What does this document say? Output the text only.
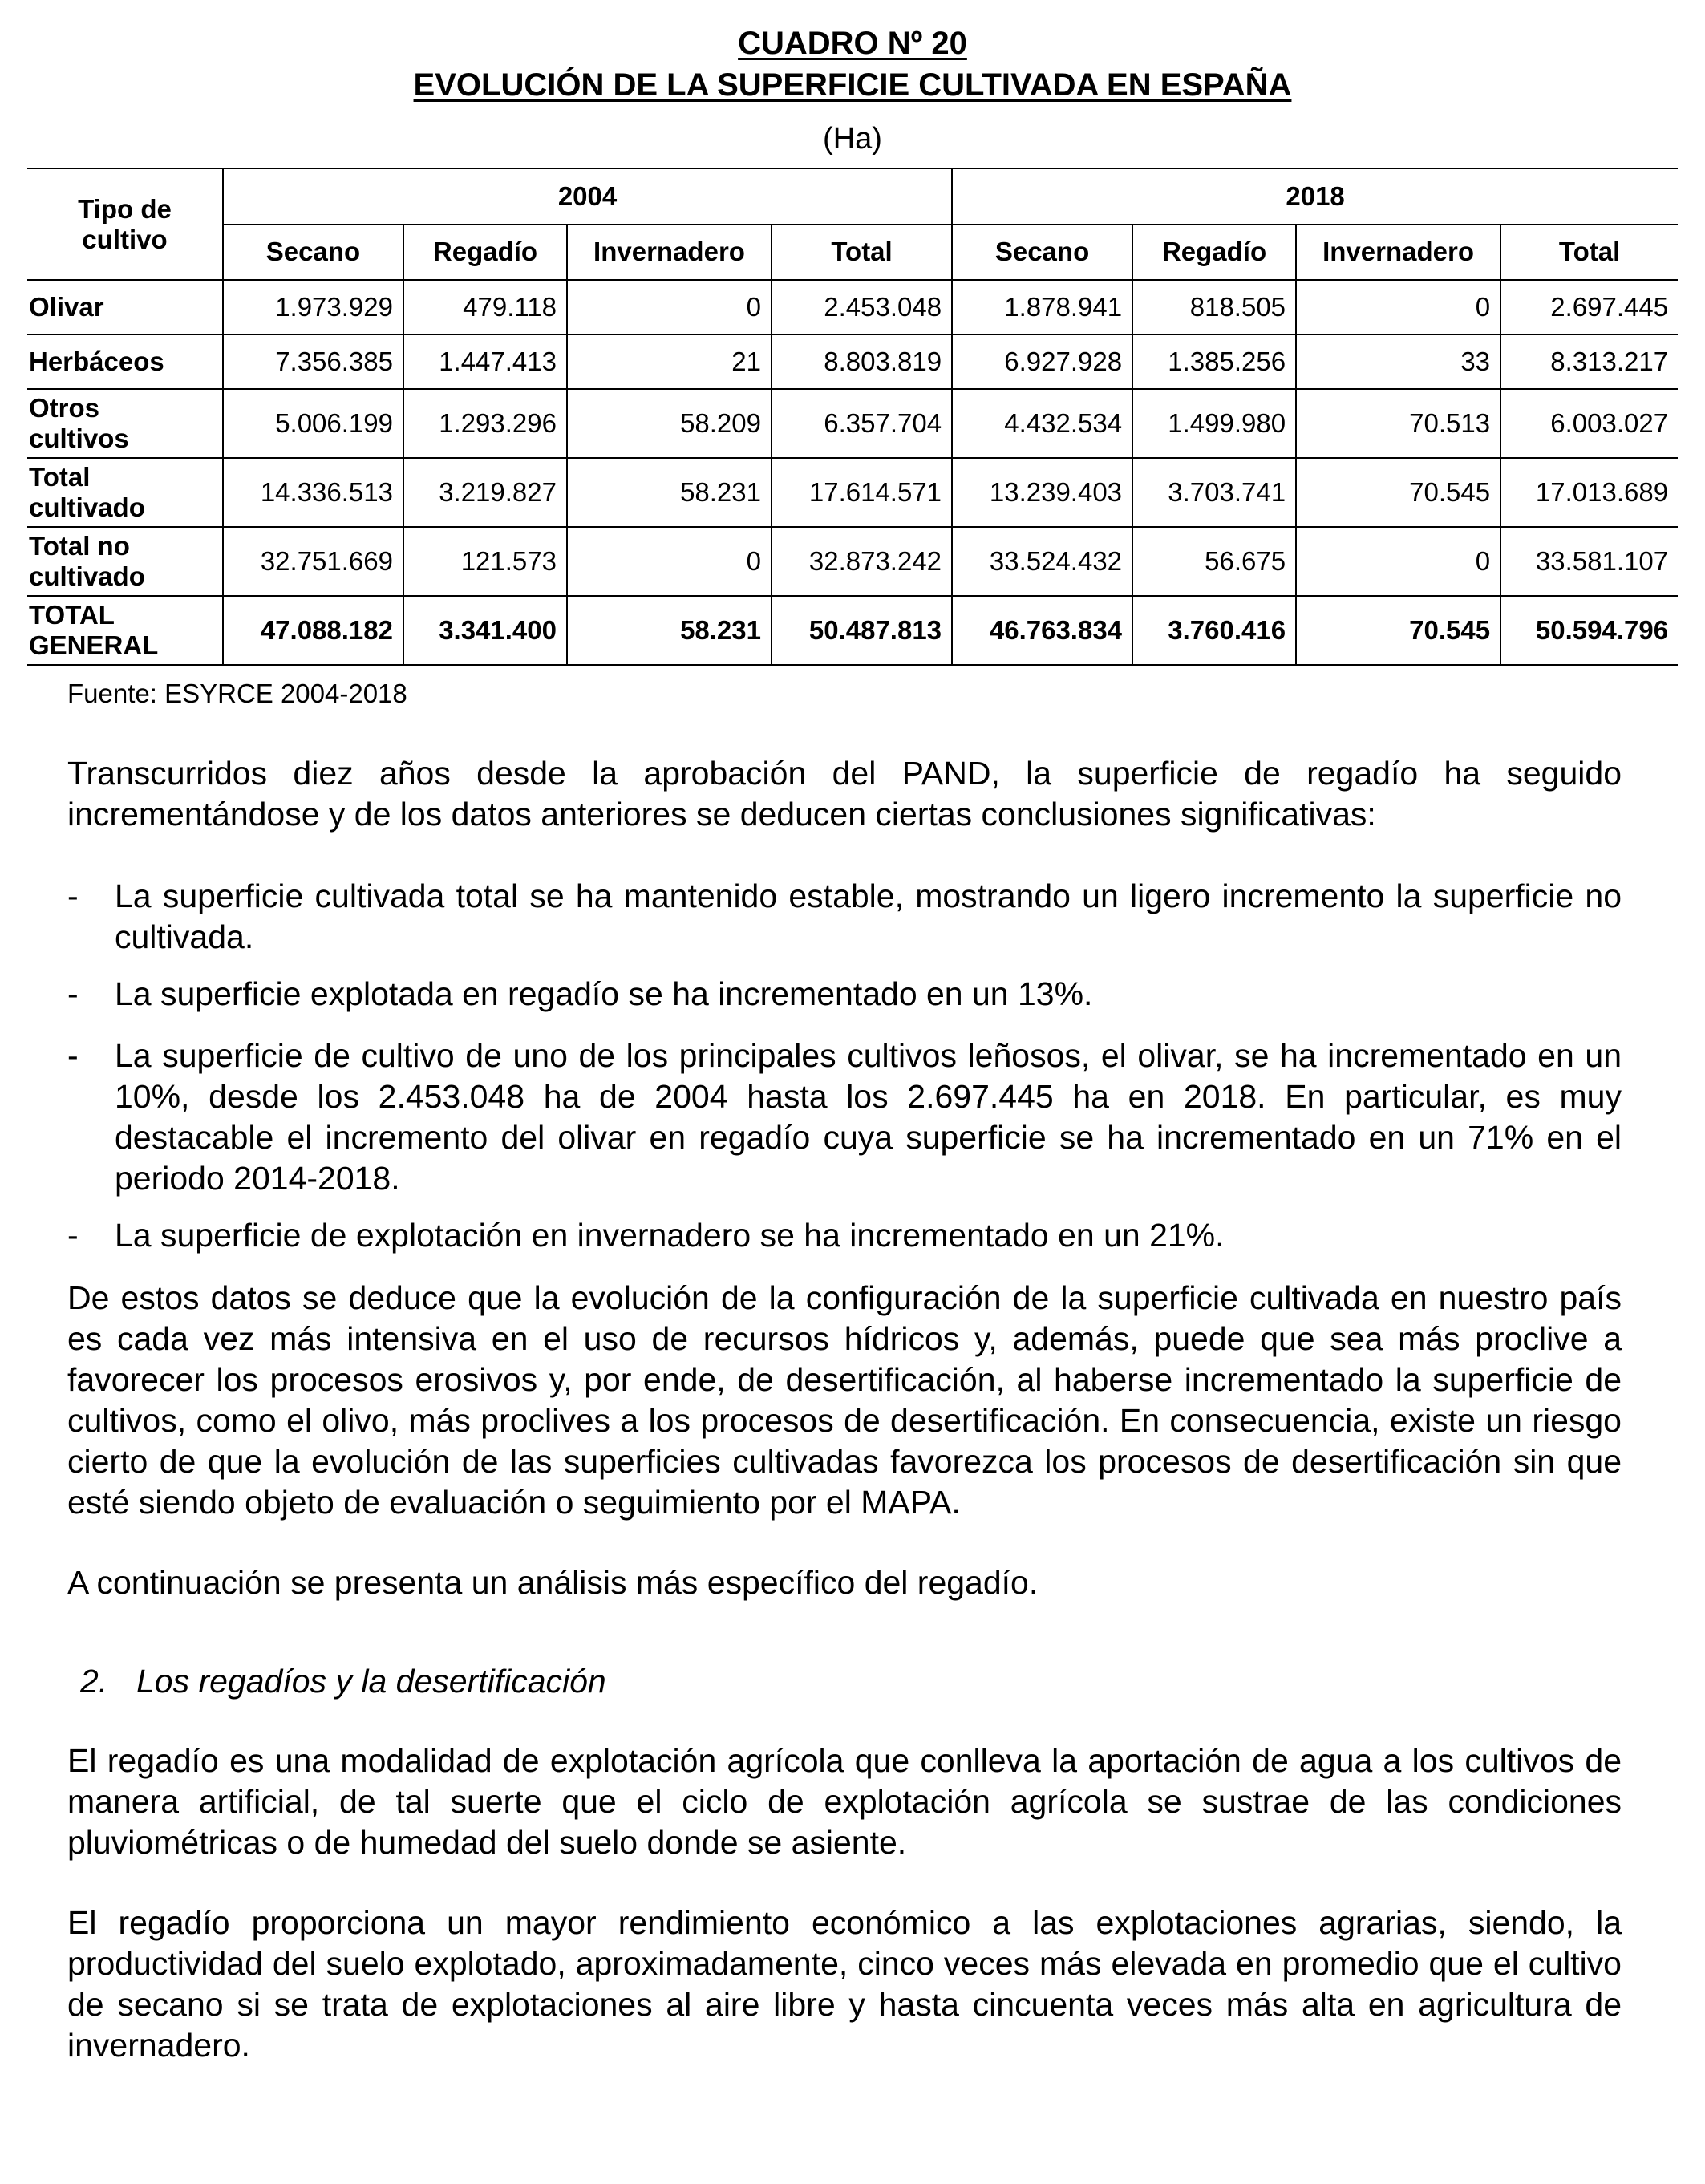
CUADRO Nº 20
EVOLUCIÓN DE LA SUPERFICIE CULTIVADA EN ESPAÑA
(Ha)
Tipo de
cultivo	2004				2018			
	Secano	Regadío	Invernadero	Total	Secano	Regadío	Invernadero	Total

Olivar	1.973.929	479.118	0	2.453.048	1.878.941	818.505	0	2.697.445

Herbáceos	7.356.385	1.447.413	21	8.803.819	6.927.928	1.385.256	33	8.313.217

Otros
cultivos	5.006.199	1.293.296	58.209	6.357.704	4.432.534	1.499.980	70.513	6.003.027

Total
cultivado	14.336.513	3.219.827	58.231	17.614.571	13.239.403	3.703.741	70.545	17.013.689

Total no
cultivado	32.751.669	121.573	0	32.873.242	33.524.432	56.675	0	33.581.107

TOTAL
GENERAL	47.088.182	3.341.400	58.231	50.487.813	46.763.834	3.760.416	70.545	50.594.796
Fuente: ESYRCE 2004-2018
Transcurridos diez años desde la aprobación del PAND, la superficie de regadío ha seguido incrementándose y de los datos anteriores se deducen ciertas conclusiones significativas:
- La superficie cultivada total se ha mantenido estable, mostrando un ligero incremento la superficie no cultivada.
- La superficie explotada en regadío se ha incrementado en un 13%.
- La superficie de cultivo de uno de los principales cultivos leñosos, el olivar, se ha incrementado en un 10%, desde los 2.453.048 ha de 2004 hasta los 2.697.445 ha en 2018. En particular, es muy destacable el incremento del olivar en regadío cuya superficie se ha incrementado en un 71% en el periodo 2014-2018.
- La superficie de explotación en invernadero se ha incrementado en un 21%.
De estos datos se deduce que la evolución de la configuración de la superficie cultivada en nuestro país es cada vez más intensiva en el uso de recursos hídricos y, además, puede que sea más proclive a favorecer los procesos erosivos y, por ende, de desertificación, al haberse incrementado la superficie de cultivos, como el olivo, más proclives a los procesos de desertificación. En consecuencia, existe un riesgo cierto de que la evolución de las superficies cultivadas favorezca los procesos de desertificación sin que esté siendo objeto de evaluación o seguimiento por el MAPA.
A continuación se presenta un análisis más específico del regadío.
2. Los regadíos y la desertificación
El regadío es una modalidad de explotación agrícola que conlleva la aportación de agua a los cultivos de manera artificial, de tal suerte que el ciclo de explotación agrícola se sustrae de las condiciones pluviométricas o de humedad del suelo donde se asiente.
El regadío proporciona un mayor rendimiento económico a las explotaciones agrarias, siendo, la productividad del suelo explotado, aproximadamente, cinco veces más elevada en promedio que el cultivo de secano si se trata de explotaciones al aire libre y hasta cincuenta veces más alta en agricultura de invernadero.
